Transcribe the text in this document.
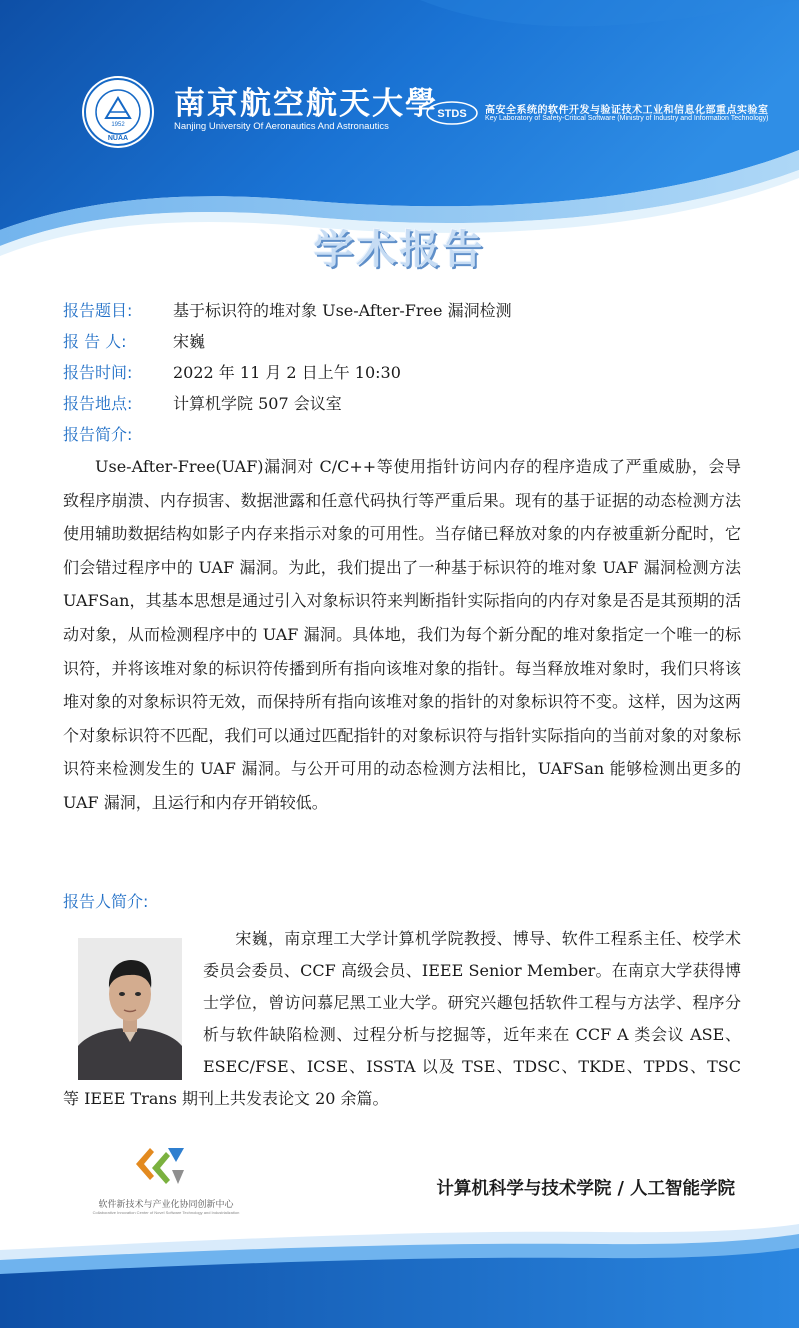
1952
NUAA
南京航空航天大學
Nanjing University Of Aeronautics And Astronautics
STDS 高安全系统的软件开发与验证技术工业和信息化部重点实验室
Key Laboratory of Safety-Critical Software (Ministry of Industry and Information Technology)
学术报告
报告题目:	基于标识符的堆对象 Use-After-Free 漏洞检测
报 告 人:	宋巍
报告时间:	2022 年 11 月 2 日上午 10:30
报告地点:	计算机学院 507 会议室
报告简介:

Use-After-Free(UAF)漏洞对 C/C++等使用指针访问内存的程序造成了严重威胁，会导致程序崩溃、内存损害、数据泄露和任意代码执行等严重后果。现有的基于证据的动态检测方法使用辅助数据结构如影子内存来指示对象的可用性。当存储已释放对象的内存被重新分配时，它们会错过程序中的 UAF 漏洞。为此，我们提出了一种基于标识符的堆对象 UAF 漏洞检测方法 UAFSan，其基本思想是通过引入对象标识符来判断指针实际指向的内存对象是否是其预期的活动对象，从而检测程序中的 UAF 漏洞。具体地，我们为每个新分配的堆对象指定一个唯一的标识符，并将该堆对象的标识符传播到所有指向该堆对象的指针。每当释放堆对象时，我们只将该堆对象的对象标识符无效，而保持所有指向该堆对象的指针的对象标识符不变。这样，因为这两个对象标识符不匹配，我们可以通过匹配指针的对象标识符与指针实际指向的当前对象的对象标识符来检测发生的 UAF 漏洞。与公开可用的动态检测方法相比，UAFSan 能够检测出更多的 UAF 漏洞，且运行和内存开销较低。

报告人简介:

宋巍，南京理工大学计算机学院教授、博导、软件工程系主任、校学术委员会委员、CCF 高级会员、IEEE Senior Member。在南京大学获得博士学位，曾访问慕尼黑工业大学。研究兴趣包括软件工程与方法学、程序分析与软件缺陷检测、过程分析与挖掘等，近年来在 CCF A 类会议 ASE、ESEC/FSE、ICSE、ISSTA 以及 TSE、TDSC、TKDE、TPDS、TSC 等 IEEE Trans 期刊上共发表论文 20 余篇。

软件新技术与产业化协同创新中心
Collaborative Innovation Center of Novel Software Technology and Industrialization
计算机科学与技术学院 / 人工智能学院
